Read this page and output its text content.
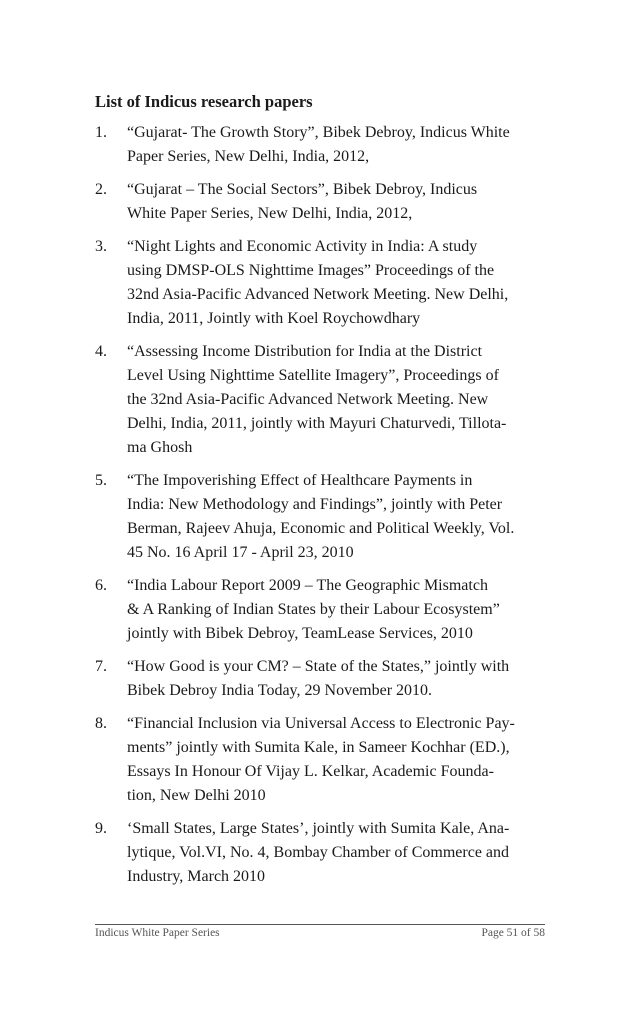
List of Indicus research papers
1. “Gujarat- The Growth Story”, Bibek Debroy, Indicus White
Paper Series, New Delhi, India, 2012,
2. “Gujarat – The Social Sectors”, Bibek Debroy, Indicus
White Paper Series, New Delhi, India, 2012,
3. “Night Lights and Economic Activity in India: A study
using DMSP-OLS Nighttime Images” Proceedings of the
32nd Asia-Pacific Advanced Network Meeting. New Delhi,
India, 2011, Jointly with Koel Roychowdhary
4. “Assessing Income Distribution for India at the District
Level Using Nighttime Satellite Imagery”, Proceedings of
the 32nd Asia-Pacific Advanced Network Meeting. New
Delhi, India, 2011, jointly with Mayuri Chaturvedi, Tillota-
ma Ghosh
5. “The Impoverishing Effect of Healthcare Payments in
India: New Methodology and Findings”, jointly with Peter
Berman, Rajeev Ahuja, Economic and Political Weekly, Vol.
45 No. 16 April 17 - April 23, 2010
6. “India Labour Report 2009 – The Geographic Mismatch
& A Ranking of Indian States by their Labour Ecosystem”
jointly with Bibek Debroy, TeamLease Services, 2010
7. “How Good is your CM? – State of the States,” jointly with
Bibek Debroy India Today, 29 November 2010.
8. “Financial Inclusion via Universal Access to Electronic Pay-
ments” jointly with Sumita Kale, in Sameer Kochhar (ED.),
Essays In Honour Of Vijay L. Kelkar, Academic Founda-
tion, New Delhi 2010
9. ‘Small States, Large States’, jointly with Sumita Kale, Ana-
lytique, Vol.VI, No. 4, Bombay Chamber of Commerce and
Industry, March 2010
Indicus White Paper Series	Page 51 of 58
